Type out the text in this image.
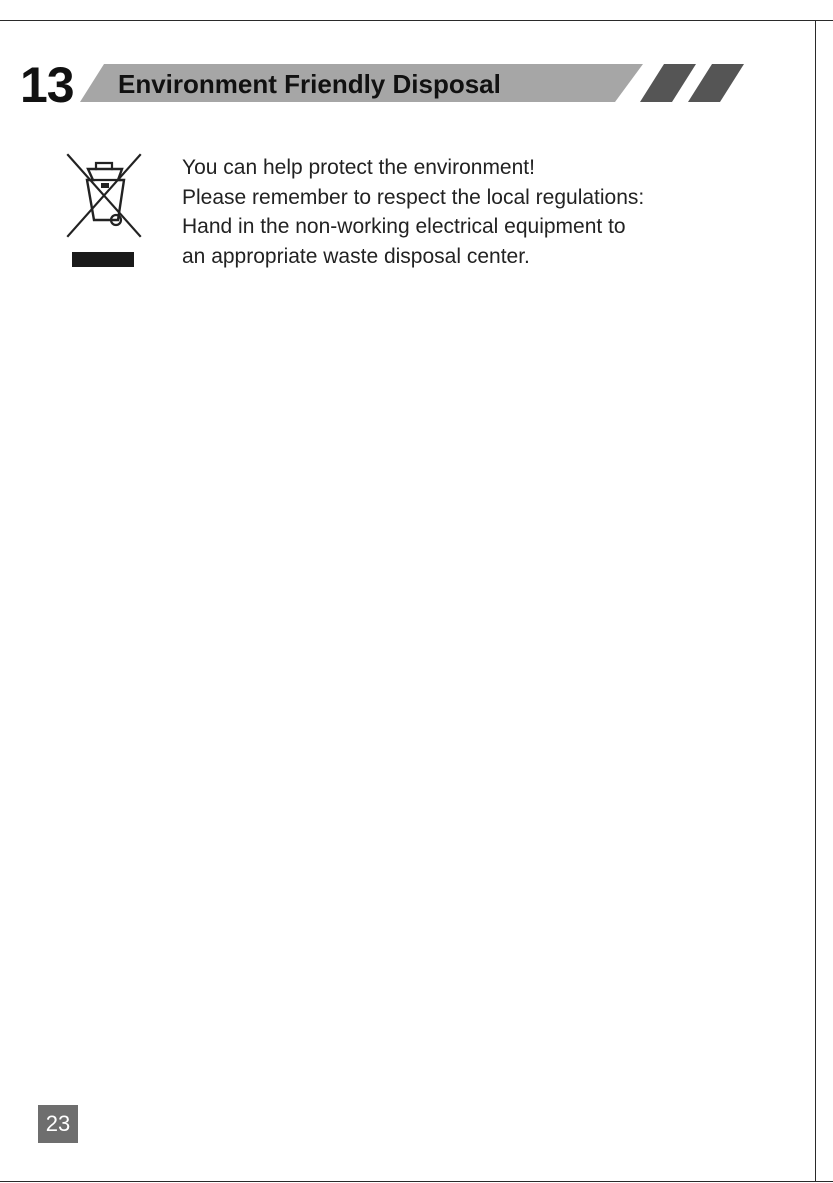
13 Environment Friendly Disposal
You can help protect the environment!
Please remember to respect the local regulations:
Hand in the non-working electrical equipment to
an appropriate waste disposal center.
23
